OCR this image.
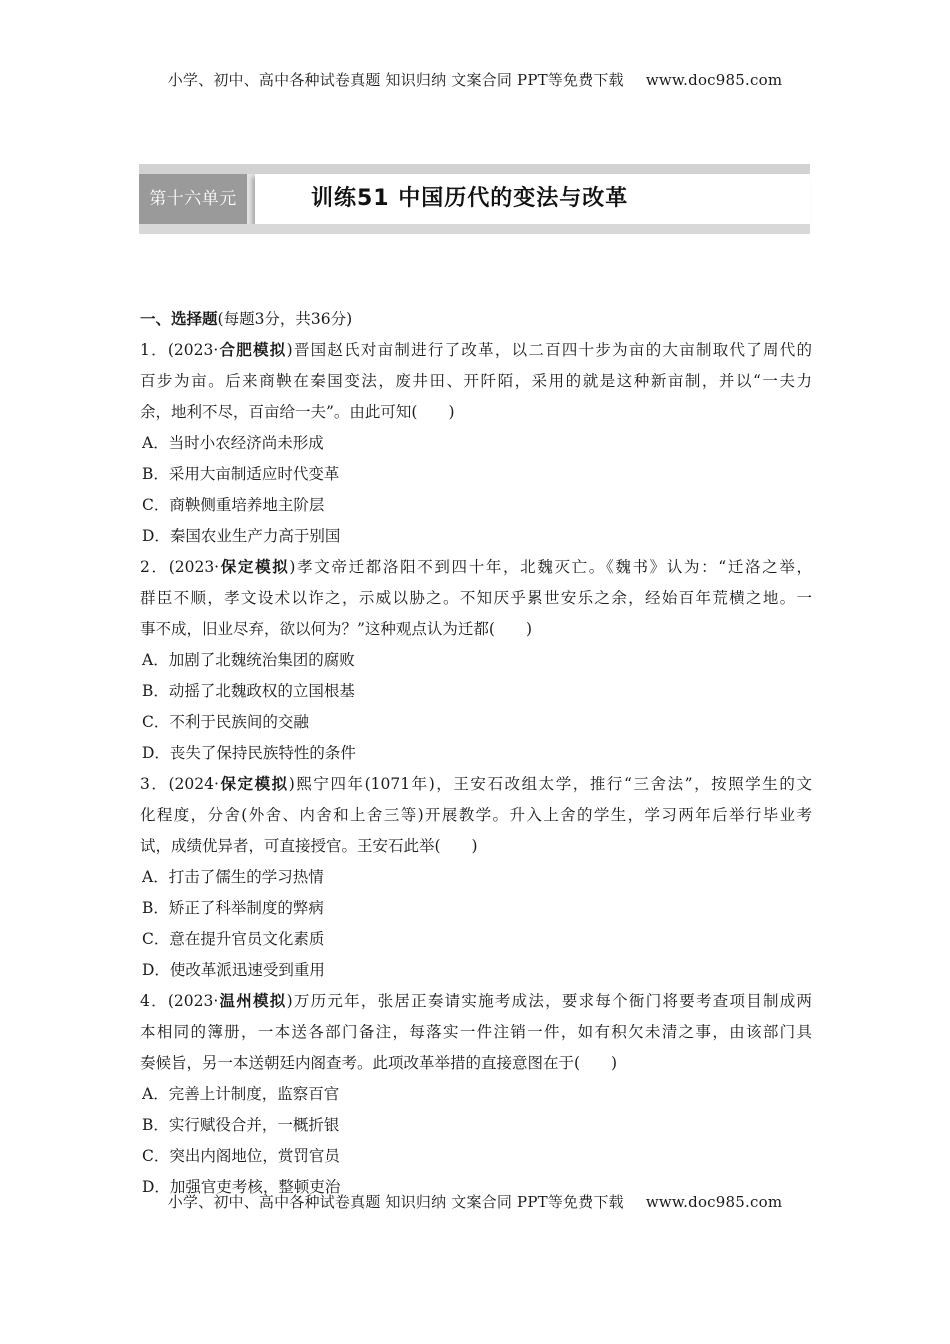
小学、初中、高中各种试卷真题 知识归纳 文案合同 PPT等免费下载 www.doc985.com
第十六单元	训练51 中国历代的变法与改革
一、选择题(每题3分，共36分)
1．(2023·合肥模拟)晋国赵氏对亩制进行了改革，以二百四十步为亩的大亩制取代了周代的
百步为亩。后来商鞅在秦国变法，废井田、开阡陌，采用的就是这种新亩制，并以“一夫力
余，地利不尽，百亩给一夫”。由此可知(　　)
A．当时小农经济尚未形成
B．采用大亩制适应时代变革
C．商鞅侧重培养地主阶层
D．秦国农业生产力高于别国
2．(2023·保定模拟)孝文帝迁都洛阳不到四十年，北魏灭亡。《魏书》认为：“迁洛之举，
群臣不顺，孝文设术以诈之，示威以胁之。不知厌乎累世安乐之余，经始百年荒横之地。一
事不成，旧业尽弃，欲以何为？”这种观点认为迁都(　　)
A．加剧了北魏统治集团的腐败
B．动摇了北魏政权的立国根基
C．不利于民族间的交融
D．丧失了保持民族特性的条件
3．(2024·保定模拟)熙宁四年(1071年)，王安石改组太学，推行“三舍法”，按照学生的文
化程度，分舍(外舍、内舍和上舍三等)开展教学。升入上舍的学生，学习两年后举行毕业考
试，成绩优异者，可直接授官。王安石此举(　　)
A．打击了儒生的学习热情
B．矫正了科举制度的弊病
C．意在提升官员文化素质
D．使改革派迅速受到重用
4．(2023·温州模拟)万历元年，张居正奏请实施考成法，要求每个衙门将要考查项目制成两
本相同的簿册，一本送各部门备注，每落实一件注销一件，如有积欠未清之事，由该部门具
奏候旨，另一本送朝廷内阁查考。此项改革举措的直接意图在于(　　)
A．完善上计制度，监察百官
B．实行赋役合并，一概折银
C．突出内阁地位，赏罚官员
D．加强官吏考核，整顿吏治
小学、初中、高中各种试卷真题 知识归纳 文案合同 PPT等免费下载 www.doc985.com
